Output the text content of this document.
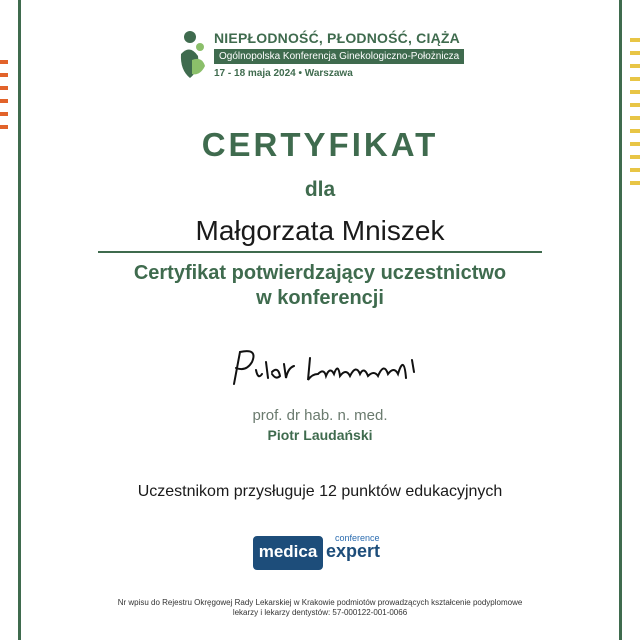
NIEPŁODNOŚĆ, PŁODNOŚĆ, CIĄŻA
Ogólnopolska Konferencja Ginekologiczno-Położnicza
17 - 18 maja 2024 • Warszawa
CERTYFIKAT
dla
Małgorzata Mniszek
Certyfikat potwierdzający uczestnictwo
w konferencji
prof. dr hab. n. med.
Piotr Laudański
Uczestnikom przysługuje 12 punktów edukacyjnych
conference
medica expert
Nr wpisu do Rejestru Okręgowej Rady Lekarskiej w Krakowie podmiotów prowadzących kształcenie podyplomowe
lekarzy i lekarzy dentystów: 57-000122-001-0066
